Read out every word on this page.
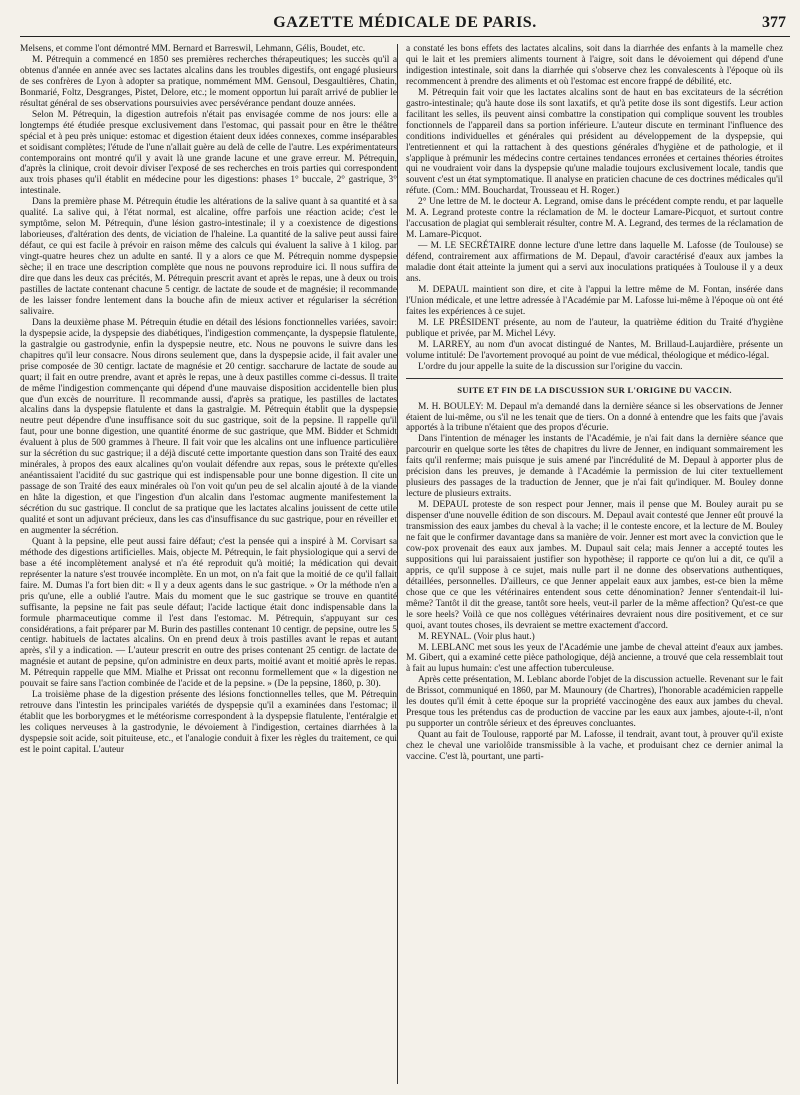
GAZETTE MÉDICALE DE PARIS.	377

Melsens, et comme l'ont démontré MM. Bernard et Barreswil, Lehmann, Gélis, Boudet, etc.

M. Pétrequin a commencé en 1850 ses premières recherches thérapeutiques; les succès qu'il a obtenus d'année en année avec ses lactates alcalins dans les troubles digestifs, ont engagé plusieurs de ses confrères de Lyon à adopter sa pratique, nommément MM. Gensoul, Desgaultières, Chatin, Bonmarié, Foltz, Desgranges, Pistet, Delore, etc.; le moment opportun lui paraît arrivé de publier le résultat général de ses observations poursuivies avec persévérance pendant douze années.

Selon M. Pétrequin, la digestion autrefois n'était pas envisagée comme de nos jours: elle a longtemps été étudiée presque exclusivement dans l'estomac, qui passait pour en être le théâtre spécial et à peu près unique: estomac et digestion étaient deux idées connexes, comme inséparables et soidisant complètes; l'étude de l'une n'allait guère au delà de celle de l'autre. Les expérimentateurs contemporains ont montré qu'il y avait là une grande lacune et une grave erreur. M. Pétrequin, d'après la clinique, croit devoir diviser l'exposé de ses recherches en trois parties qui correspondent aux trois phases qu'il établit en médecine pour les digestions: phases 1° buccale, 2° gastrique, 3° intestinale.

Dans la première phase M. Pétrequin étudie les altérations de la salive quant à sa quantité et à sa qualité. La salive qui, à l'état normal, est alcaline, offre parfois une réaction acide; c'est le symptôme, selon M. Pétrequin, d'une lésion gastro-intestinale; il y a coexistence de digestions laborieuses, d'altération des dents, de viciation de l'haleine. La quantité de la salive peut aussi faire défaut, ce qui est facile à prévoir en raison même des calculs qui évaluent la salive à 1 kilog. par vingt-quatre heures chez un adulte en santé. Il y a alors ce que M. Pétrequin nomme dyspepsie sèche; il en trace une description complète que nous ne pouvons reproduire ici. Il nous suffira de dire que dans les deux cas précités, M. Pétrequin prescrit avant et après le repas, une à deux ou trois pastilles de lactate contenant chacune 5 centigr. de lactate de soude et de magnésie; il recommande de les laisser fondre lentement dans la bouche afin de mieux activer et régulariser la sécrétion salivaire.

Dans la deuxième phase M. Pétrequin étudie en détail des lésions fonctionnelles variées, savoir: la dyspepsie acide, la dyspepsie des diabétiques, l'indigestion commençante, la dyspepsie flatulente, la gastralgie ou gastrodynie, enfin la dyspepsie neutre, etc. Nous ne pouvons le suivre dans les chapitres qu'il leur consacre. Nous dirons seulement que, dans la dyspepsie acide, il fait avaler une prise composée de 30 centigr. lactate de magnésie et 20 centigr. saccharure de lactate de soude au quart; il fait en outre prendre, avant et après le repas, une à deux pastilles comme ci-dessus. Il traite de même l'indigestion commençante qui dépend d'une mauvaise disposition accidentelle bien plus que d'un excès de nourriture. Il recommande aussi, d'après sa pratique, les pastilles de lactates alcalins dans la dyspepsie flatulente et dans la gastralgie. M. Pétrequin établit que la dyspepsie neutre peut dépendre d'une insuffisance soit du suc gastrique, soit de la pepsine. Il rappelle qu'il faut, pour une bonne digestion, une quantité énorme de suc gastrique, que MM. Bidder et Schmidt évaluent à plus de 500 grammes à l'heure. Il fait voir que les alcalins ont une influence particulière sur la sécrétion du suc gastrique; il a déjà discuté cette importante question dans son Traité des eaux minérales, à propos des eaux alcalines qu'on voulait défendre aux repas, sous le prétexte qu'elles anéantissaient l'acidité du suc gastrique qui est indispensable pour une bonne digestion. Il cite un passage de son Traité des eaux minérales où l'on voit qu'un peu de sel alcalin ajouté à de la viande en hâte la digestion, et que l'ingestion d'un alcalin dans l'estomac augmente manifestement la sécrétion du suc gastrique. Il conclut de sa pratique que les lactates alcalins jouissent de cette utile qualité et sont un adjuvant précieux, dans les cas d'insuffisance du suc gastrique, pour en réveiller et en augmenter la sécrétion.

Quant à la pepsine, elle peut aussi faire défaut; c'est la pensée qui a inspiré à M. Corvisart sa méthode des digestions artificielles. Mais, objecte M. Pétrequin, le fait physiologique qui a servi de base a été incomplètement analysé et n'a été reproduit qu'à moitié; la médication qui devait représenter la nature s'est trouvée incomplète. En un mot, on n'a fait que la moitié de ce qu'il fallait faire. M. Dumas l'a fort bien dit: « Il y a deux agents dans le suc gastrique. » Or la méthode n'en a pris qu'une, elle a oublié l'autre. Mais du moment que le suc gastrique se trouve en quantité suffisante, la pepsine ne fait pas seule défaut; l'acide lactique était donc indispensable dans la formule pharmaceutique comme il l'est dans l'estomac. M. Pétrequin, s'appuyant sur ces considérations, a fait préparer par M. Burin des pastilles contenant 10 centigr. de pepsine, outre les 5 centigr. habituels de lactates alcalins. On en prend deux à trois pastilles avant le repas et autant après, s'il y a indication. — L'auteur prescrit en outre des prises contenant 25 centigr. de lactate de magnésie et autant de pepsine, qu'on administre en deux parts, moitié avant et moitié après le repas. M. Pétrequin rappelle que MM. Mialhe et Prissat ont reconnu formellement que « la digestion ne pouvait se faire sans l'action combinée de l'acide et de la pepsine. » (De la pepsine, 1860, p. 30).

La troisième phase de la digestion présente des lésions fonctionnelles telles, que M. Pétrequin retrouve dans l'intestin les principales variétés de dyspepsie qu'il a examinées dans l'estomac; il établit que les borborygmes et le météorisme correspondent à la dyspepsie flatulente, l'entéralgie et les coliques nerveuses à la gastrodynie, le dévoiement à l'indigestion, certaines diarrhées à la dyspepsie soit acide, soit pituiteuse, etc., et l'analogie conduit à fixer les règles du traitement, ce qui est le point capital. L'auteur

a constaté les bons effets des lactates alcalins, soit dans la diarrhée des enfants à la mamelle chez qui le lait et les premiers aliments tournent à l'aigre, soit dans le dévoiement qui dépend d'une indigestion intestinale, soit dans la diarrhée qui s'observe chez les convalescents à l'époque où ils recommencent à prendre des aliments et où l'estomac est encore frappé de débilité, etc.

M. Pétrequin fait voir que les lactates alcalins sont de haut en bas excitateurs de la sécrétion gastro-intestinale; qu'à haute dose ils sont laxatifs, et qu'à petite dose ils sont digestifs. Leur action facilitant les selles, ils peuvent ainsi combattre la constipation qui complique souvent les troubles fonctionnels de l'appareil dans sa portion inférieure. L'auteur discute en terminant l'influence des conditions individuelles et générales qui président au développement de la dyspepsie, qui l'entretiennent et qui la rattachent à des questions générales d'hygiène et de pathologie, et il s'applique à prémunir les médecins contre certaines tendances erronées et certaines théories étroites qui ne voudraient voir dans la dyspepsie qu'une maladie toujours exclusivement locale, tandis que souvent c'est un état symptomatique. Il analyse en praticien chacune de ces doctrines médicales qu'il réfute. (Com.: MM. Bouchardat, Trousseau et H. Roger.)

2° Une lettre de M. le docteur A. Legrand, omise dans le précédent compte rendu, et par laquelle M. A. Legrand proteste contre la réclamation de M. le docteur Lamare-Picquot, et surtout contre l'accusation de plagiat qui semblerait résulter, contre M. A. Legrand, des termes de la réclamation de M. Lamare-Picquot.

— M. LE SECRÉTAIRE donne lecture d'une lettre dans laquelle M. Lafosse (de Toulouse) se défend, contrairement aux affirmations de M. Depaul, d'avoir caractérisé d'eaux aux jambes la maladie dont était atteinte la jument qui a servi aux inoculations pratiquées à Toulouse il y a deux ans.

M. DEPAUL maintient son dire, et cite à l'appui la lettre même de M. Fontan, insérée dans l'Union médicale, et une lettre adressée à l'Académie par M. Lafosse lui-même à l'époque où ont été faites les expériences à ce sujet.

M. LE PRÉSIDENT présente, au nom de l'auteur, la quatrième édition du Traité d'hygiène publique et privée, par M. Michel Lévy.

M. LARREY, au nom d'un avocat distingué de Nantes, M. Brillaud-Laujardière, présente un volume intitulé: De l'avortement provoqué au point de vue médical, théologique et médico-légal.

L'ordre du jour appelle la suite de la discussion sur l'origine du vaccin.

SUITE ET FIN DE LA DISCUSSION SUR L'ORIGINE DU VACCIN.

M. H. BOULEY: M. Depaul m'a demandé dans la dernière séance si les observations de Jenner étaient de lui-même, ou s'il ne les tenait que de tiers. On a donné à entendre que les faits que j'avais apportés à la tribune n'étaient que des propos d'écurie.

Dans l'intention de ménager les instants de l'Académie, je n'ai fait dans la dernière séance que parcourir en quelque sorte les têtes de chapitres du livre de Jenner, en indiquant sommairement les faits qu'il renferme; mais puisque je suis amené par l'incrédulité de M. Depaul à apporter plus de précision dans les preuves, je demande à l'Académie la permission de lui citer textuellement plusieurs des passages de la traduction de Jenner, que je n'ai fait qu'indiquer. M. Bouley donne lecture de plusieurs extraits.

M. DEPAUL proteste de son respect pour Jenner, mais il pense que M. Bouley aurait pu se dispenser d'une nouvelle édition de son discours. M. Depaul avait contesté que Jenner eût prouvé la transmission des eaux jambes du cheval à la vache; il le conteste encore, et la lecture de M. Bouley ne fait que le confirmer davantage dans sa manière de voir. Jenner est mort avec la conviction que le cow-pox provenait des eaux aux jambes. M. Dupaul sait cela; mais Jenner a accepté toutes les suppositions qui lui paraissaient justifier son hypothèse; il rapporte ce qu'on lui a dit, ce qu'il a appris, ce qu'il suppose à ce sujet, mais nulle part il ne donne des observations authentiques, détaillées, personnelles. D'ailleurs, ce que Jenner appelait eaux aux jambes, est-ce bien la même chose que ce que les vétérinaires entendent sous cette dénomination? Jenner s'entendait-il lui-même? Tantôt il dit the grease, tantôt sore heels, veut-il parler de la même affection? Qu'est-ce que le sore heels? Voilà ce que nos collègues vétérinaires devraient nous dire positivement, et ce sur quoi, avant toutes choses, ils devraient se mettre exactement d'accord.

M. REYNAL. (Voir plus haut.)

M. LEBLANC met sous les yeux de l'Académie une jambe de cheval atteint d'eaux aux jambes. M. Gibert, qui a examiné cette pièce pathologique, déjà ancienne, a trouvé que cela ressemblait tout à fait au lupus humain: c'est une affection tuberculeuse.

Après cette présentation, M. Leblanc aborde l'objet de la discussion actuelle. Revenant sur le fait de Brissot, communiqué en 1860, par M. Maunoury (de Chartres), l'honorable académicien rappelle les doutes qu'il émit à cette époque sur la propriété vaccinogène des eaux aux jambes du cheval. Presque tous les prétendus cas de production de vaccine par les eaux aux jambes, ajoute-t-il, n'ont pu supporter un contrôle sérieux et des épreuves concluantes.

Quant au fait de Toulouse, rapporté par M. Lafosse, il tendrait, avant tout, à prouver qu'il existe chez le cheval une variolôide transmissible à la vache, et produisant chez ce dernier animal la vaccine. C'est là, pourtant, une parti-
